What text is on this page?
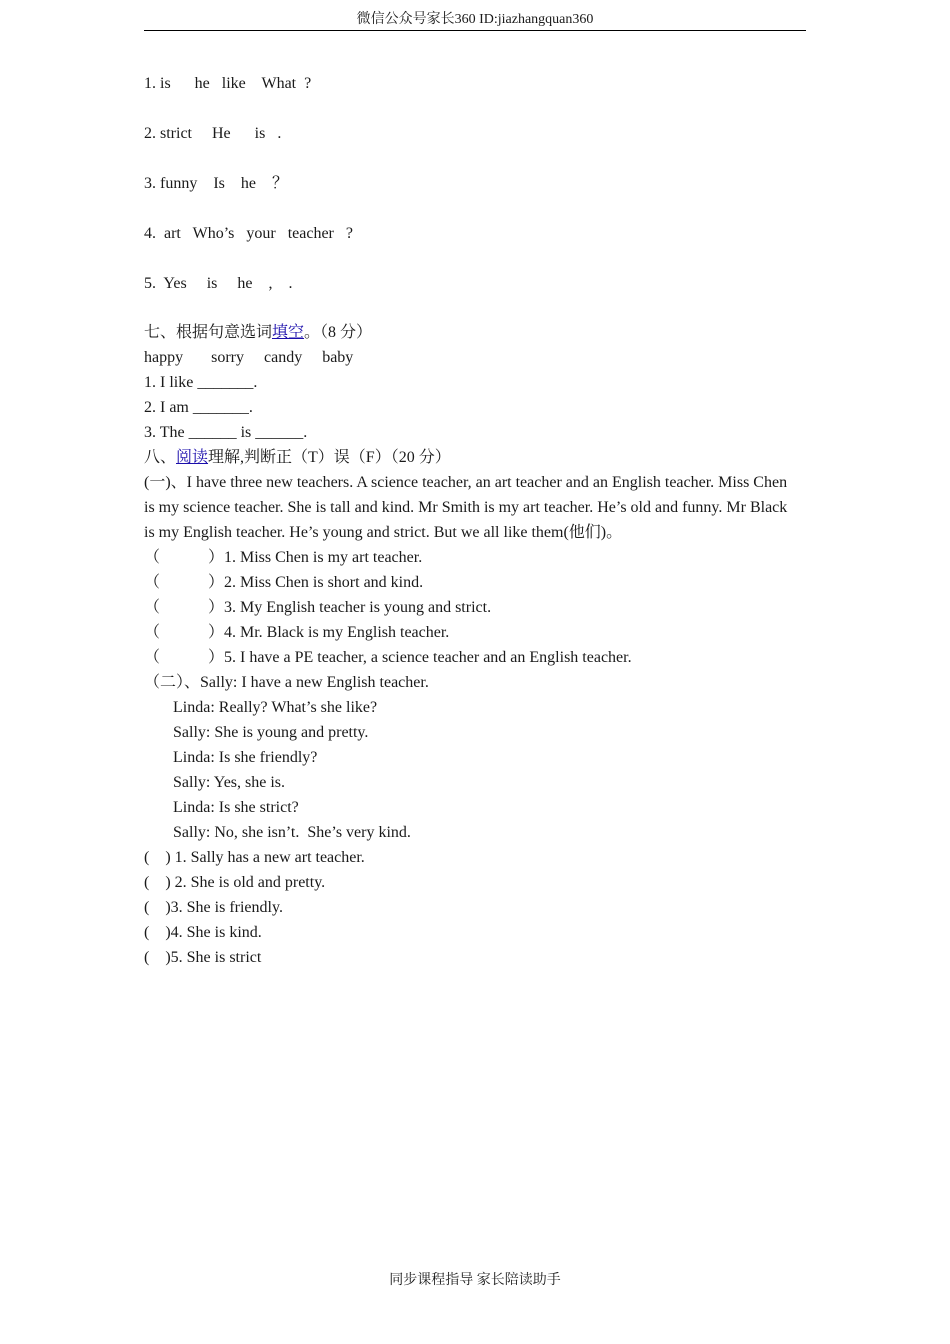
微信公众号家长360 ID:jiazhangquan360
1. is      he   like    What  ?
2. strict     He      is   .
3. funny    Is    he    ？
4.  art   Who’s   your   teacher   ?
5.  Yes     is     he    ,    .
七、根据句意选词填空。（8 分）
happy       sorry     candy     baby
1. I like _______.
2. I am _______.
3. The ______ is ______.
八、阅读理解,判断正（T）误（F）（20 分）
(一)、I have three new teachers. A science teacher, an art teacher and an English teacher. Miss Chen is my science teacher. She is tall and kind. Mr Smith is my art teacher. He’s old and funny. Mr Black is my English teacher. He’s young and strict. But we all like them(他们)。
（            ）1. Miss Chen is my art teacher.
（            ）2. Miss Chen is short and kind.
（            ）3. My English teacher is young and strict.
（            ）4. Mr. Black is my English teacher.
（            ）5. I have a PE teacher, a science teacher and an English teacher.
（二）、Sally: I have a new English teacher.
Linda: Really? What’s she like?
Sally: She is young and pretty.
Linda: Is she friendly?
Sally: Yes, she is.
Linda: Is she strict?
Sally: No, she isn’t.  She’s very kind.
(    ) 1. Sally has a new art teacher.
(    ) 2. She is old and pretty.
(    )3. She is friendly.
(    )4. She is kind.
(    )5. She is strict
同步课程指导 家长陪读助手
